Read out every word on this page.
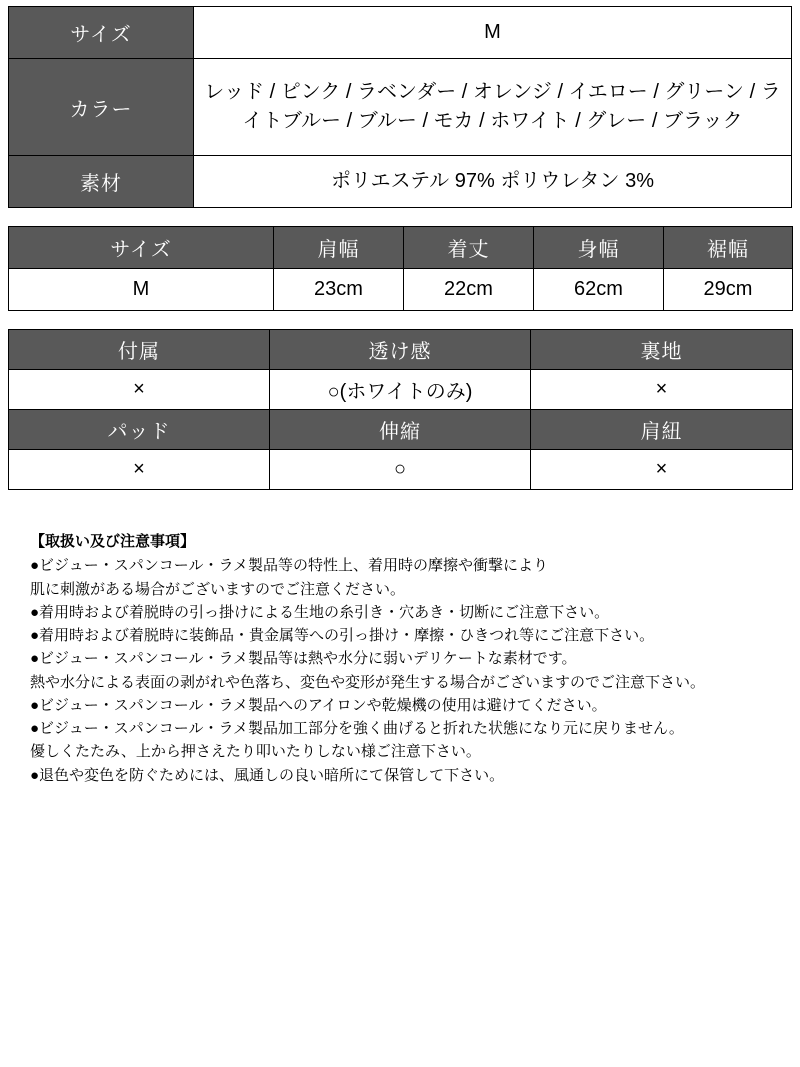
サイズ	M
カラー	レッド / ピンク / ラベンダー / オレンジ / イエロー / グリーン / ライトブルー / ブルー / モカ / ホワイト / グレー / ブラック
素材	ポリエステル 97% ポリウレタン 3%
サイズ	肩幅	着丈	身幅	裾幅
M	23cm	22cm	62cm	29cm
付属	透け感	裏地
×	○(ホワイトのみ)	×
パッド	伸縮	肩紐
×	○	×

【取扱い及び注意事項】

●ビジュー・スパンコール・ラメ製品等の特性上、着用時の摩擦や衝撃により

肌に刺激がある場合がございますのでご注意ください。

●着用時および着脱時の引っ掛けによる生地の糸引き・穴あき・切断にご注意下さい。

●着用時および着脱時に装飾品・貴金属等への引っ掛け・摩擦・ひきつれ等にご注意下さい。

●ビジュー・スパンコール・ラメ製品等は熱や水分に弱いデリケートな素材です。

熱や水分による表面の剥がれや色落ち、変色や変形が発生する場合がございますのでご注意下さい。

●ビジュー・スパンコール・ラメ製品へのアイロンや乾燥機の使用は避けてください。

●ビジュー・スパンコール・ラメ製品加工部分を強く曲げると折れた状態になり元に戻りません。

優しくたたみ、上から押さえたり叩いたりしない様ご注意下さい。

●退色や変色を防ぐためには、風通しの良い暗所にて保管して下さい。
